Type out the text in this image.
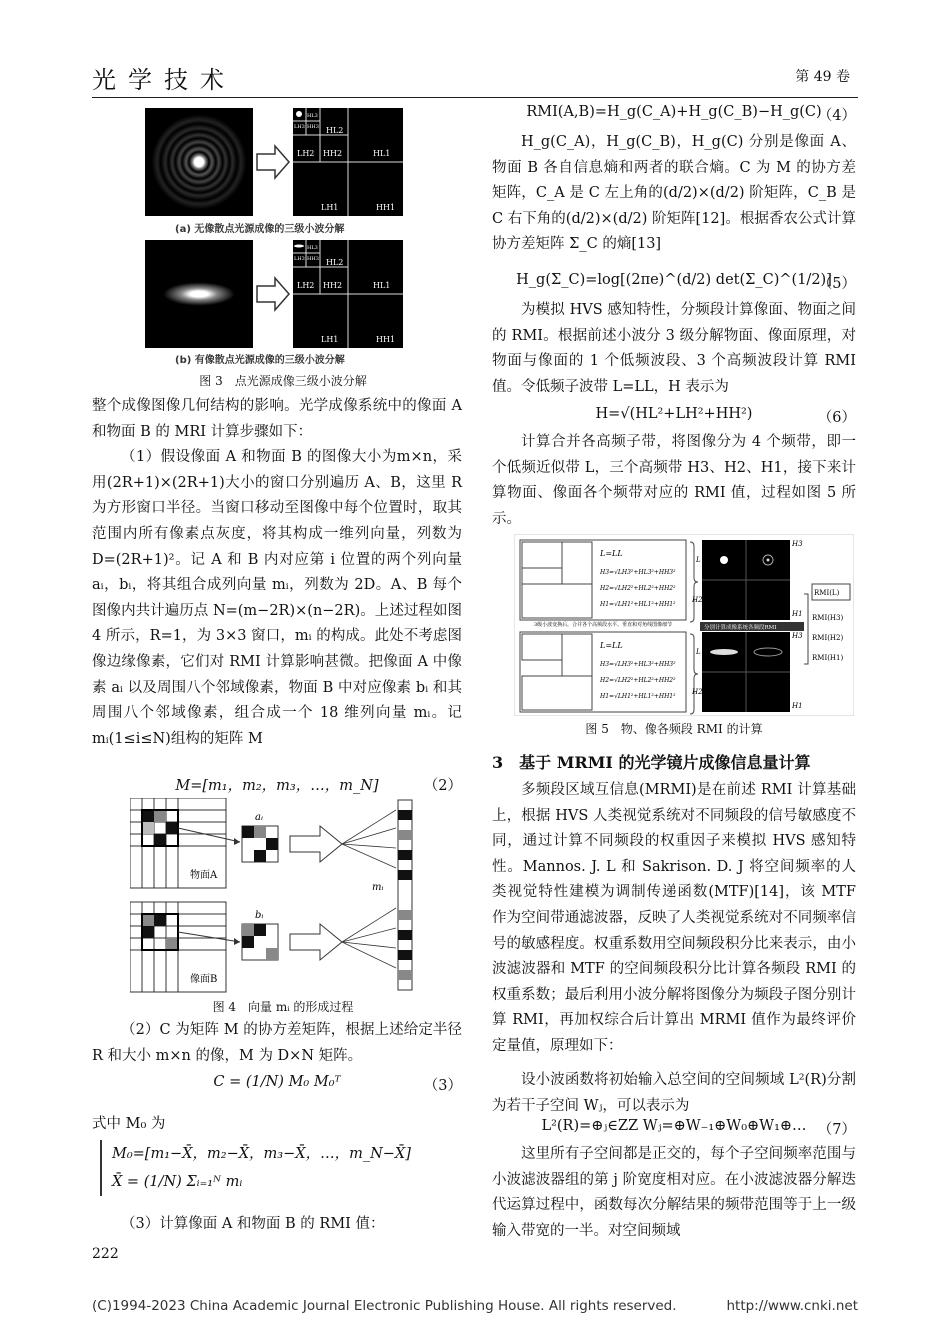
光学技术	第 49 卷
LH3
HL3
HH3 HL2
LH2 HH2	HL1
LH1	HH1
(a) 无像散点光源成像的三级小波分解
LH3
HL3
HH3 HL2
LH2 HH2	HL1
LH1	HH1
(b) 有像散点光源成像的三级小波分解
图 3　点光源成像三级小波分解

整个成像图像几何结构的影响。光学成像系统中的像面 A 和物面 B 的 MRI 计算步骤如下：

（1）假设像面 A 和物面 B 的图像大小为m×n，采用(2R+1)×(2R+1)大小的窗口分别遍历 A、B，这里 R 为方形窗口半径。当窗口移动至图像中每个位置时，取其范围内所有像素点灰度，将其构成一维列向量，列数为 D=(2R+1)²。记 A 和 B 内对应第 i 位置的两个列向量 aᵢ，bᵢ，将其组合成列向量 mᵢ，列数为 2D。A、B 每个图像内共计遍历点 N=(m−2R)×(n−2R)。上述过程如图 4 所示，R=1，为 3×3 窗口，mᵢ 的构成。此处不考虑图像边缘像素，它们对 RMI 计算影响甚微。把像面 A 中像素 aᵢ 以及周围八个邻域像素，物面 B 中对应像素 bᵢ 和其周围八个邻域像素，组合成一个 18 维列向量 mᵢ。记 mᵢ(1≤i≤N)组构的矩阵 M

M=[m₁，m₂，m₃，…，m_N]	（2）
物面A
像面B
aᵢ
bᵢ
mᵢ
图 4　向量 mᵢ 的形成过程
（2）C 为矩阵 M 的协方差矩阵，根据上述给定半径 R 和大小 m×n 的像，M 为 D×N 矩阵。
C = (1/N) M₀ M₀ᵀ	（3）
式中 M₀ 为
M₀=[m₁−X̄，m₂−X̄，m₃−X̄，…，m_N−X̄]
X̄ = (1/N) Σᵢ₌₁ᴺ mᵢ
（3）计算像面 A 和物面 B 的 RMI 值：
222
RMI(A,B)=H_g(C_A)+H_g(C_B)−H_g(C)
（4）
H_g(C_A)，H_g(C_B)，H_g(C) 分别是像面 A、物面 B 各自信息熵和两者的联合熵。C 为 M 的协方差矩阵，C_A 是 C 左上角的(d/2)×(d/2) 阶矩阵，C_B 是 C 右下角的(d/2)×(d/2) 阶矩阵[12]。根据香农公式计算协方差矩阵 Σ_C 的熵[13]
H_g(Σ_C)=log[(2πe)^(d/2) det(Σ_C)^(1/2)]
（5）
为模拟 HVS 感知特性，分频段计算像面、物面之间的 RMI。根据前述小波分 3 级分解物面、像面原理，对物面与像面的 1 个低频波段、3 个高频波段计算 RMI 值。令低频子波带 L=LL，H 表示为
H=√(HL²+LH²+HH²)	（6）
计算合并各高频子带，将图像分为 4 个频带，即一个低频近似带 L，三个高频带 H3、H2、H1，接下来计算物面、像面各个频带对应的 RMI 值，过程如图 5 所示。
L=LL
H3=√LH3²+HL3²+HH3²
H2=√LH2²+HL2²+HH2²
H1=√LH1²+HL1²+HH1²
3级小波变换后，合并各个高频段水平、垂直和对角线图像细节
L=LL
H3=√LH3²+HL3²+HH3²
H2=√LH2²+HL2²+HH2²
H1=√LH1²+HL1²+HH1²
L
H3
H2
H1
L
H3
H2
H1
分别计算成像系统各频段RMI
RMI(L)
RMI(H3)
RMI(H2)
RMI(H1)
图 5　物、像各频段 RMI 的计算
3　基于 MRMI 的光学镜片成像信息量计算
多频段区域互信息(MRMI)是在前述 RMI 计算基础上，根据 HVS 人类视觉系统对不同频段的信号敏感度不同，通过计算不同频段的权重因子来模拟 HVS 感知特性。Mannos. J. L 和 Sakrison. D. J 将空间频率的人类视觉特性建模为调制传递函数(MTF)[14]，该 MTF 作为空间带通滤波器，反映了人类视觉系统对不同频率信号的敏感程度。权重系数用空间频段积分比来表示，由小波滤波器和 MTF 的空间频段积分比计算各频段 RMI 的权重系数；最后利用小波分解将图像分为频段子图分别计算 RMI，再加权综合后计算出 MRMI 值作为最终评价定量值，原理如下：
设小波函数将初始输入总空间的空间频域 L²(R)分割为若干子空间 Wⱼ，可以表示为
L²(R)=⊕ⱼ∈ZZ Wⱼ=⊕W₋₁⊕W₀⊕W₁⊕… （7）
这里所有子空间都是正交的，每个子空间频率范围与小波滤波器组的第 j 阶宽度相对应。在小波滤波器分解迭代运算过程中，函数每次分解结果的频带范围等于上一级输入带宽的一半。对空间频域
(C)1994-2023 China Academic Journal Electronic Publishing House. All rights reserved.	http://www.cnki.net
